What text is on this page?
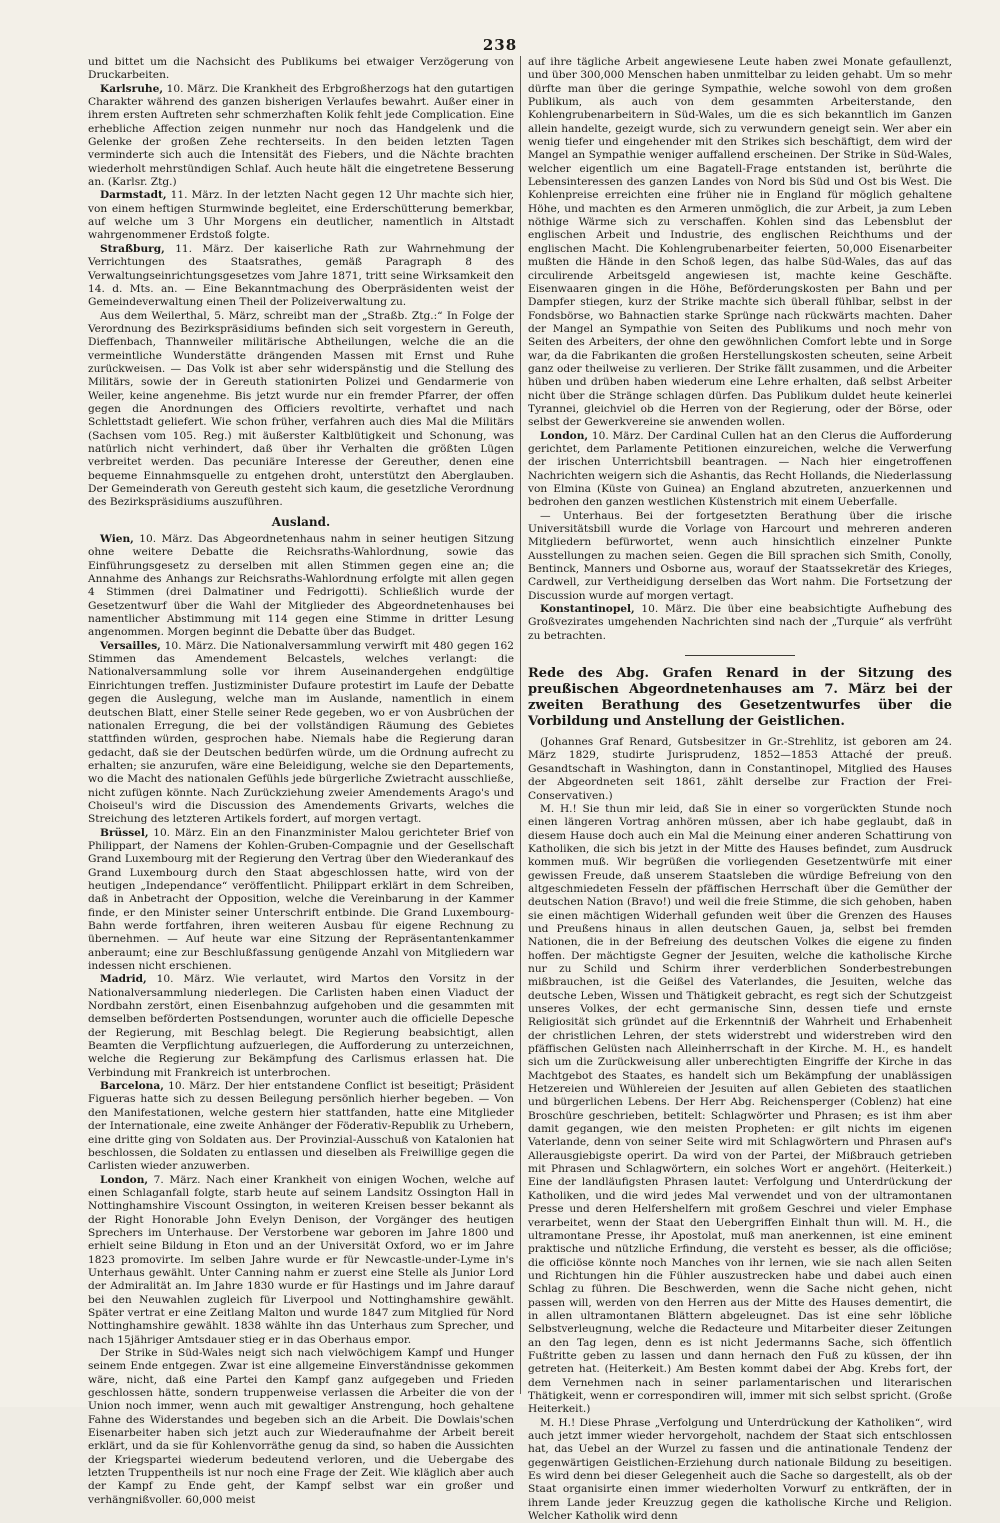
238

und bittet um die Nachsicht des Publikums bei etwaiger Verzögerung von Druckarbeiten.

Karlsruhe, 10. März. Die Krankheit des Erbgroßherzogs hat den gutartigen Charakter während des ganzen bisherigen Verlaufes bewahrt. Außer einer in ihrem ersten Auftreten sehr schmerzhaften Kolik fehlt jede Complication. Eine erhebliche Affection zeigen nunmehr nur noch das Handgelenk und die Gelenke der großen Zehe rechterseits. In den beiden letzten Tagen verminderte sich auch die Intensität des Fiebers, und die Nächte brachten wiederholt mehrstündigen Schlaf. Auch heute hält die eingetretene Besserung an. (Karlsr. Ztg.)

Darmstadt, 11. März. In der letzten Nacht gegen 12 Uhr machte sich hier, von einem heftigen Sturmwinde begleitet, eine Erderschütterung bemerkbar, auf welche um 3 Uhr Morgens ein deutlicher, namentlich in Altstadt wahrgenommener Erdstoß folgte.

Straßburg, 11. März. Der kaiserliche Rath zur Wahrnehmung der Verrichtungen des Staatsrathes, gemäß Paragraph 8 des Verwaltungseinrichtungsgesetzes vom Jahre 1871, tritt seine Wirksamkeit den 14. d. Mts. an. — Eine Bekanntmachung des Oberpräsidenten weist der Gemeindeverwaltung einen Theil der Polizeiverwaltung zu.

Aus dem Weilerthal, 5. März, schreibt man der „Straßb. Ztg.:“ In Folge der Verordnung des Bezirkspräsidiums befinden sich seit vorgestern in Gereuth, Dieffenbach, Thannweiler militärische Abtheilungen, welche die an die vermeintliche Wunderstätte drängenden Massen mit Ernst und Ruhe zurückweisen. — Das Volk ist aber sehr widerspänstig und die Stellung des Militärs, sowie der in Gereuth stationirten Polizei und Gendarmerie von Weiler, keine angenehme. Bis jetzt wurde nur ein fremder Pfarrer, der offen gegen die Anordnungen des Officiers revoltirte, verhaftet und nach Schlettstadt geliefert. Wie schon früher, verfahren auch dies Mal die Militärs (Sachsen vom 105. Reg.) mit äußerster Kaltblütigkeit und Schonung, was natürlich nicht verhindert, daß über ihr Verhalten die größten Lügen verbreitet werden. Das pecuniäre Interesse der Gereuther, denen eine bequeme Einnahmsquelle zu entgehen droht, unterstützt den Aberglauben. Der Gemeinderath von Gereuth gesteht sich kaum, die gesetzliche Verordnung des Bezirkspräsidiums auszuführen.

Ausland.

Wien, 10. März. Das Abgeordnetenhaus nahm in seiner heutigen Sitzung ohne weitere Debatte die Reichsraths-Wahlordnung, sowie das Einführungsgesetz zu derselben mit allen Stimmen gegen eine an; die Annahme des Anhangs zur Reichsraths-Wahlordnung erfolgte mit allen gegen 4 Stimmen (drei Dalmatiner und Fedrigotti). Schließlich wurde der Gesetzentwurf über die Wahl der Mitglieder des Abgeordnetenhauses bei namentlicher Abstimmung mit 114 gegen eine Stimme in dritter Lesung angenommen. Morgen beginnt die Debatte über das Budget.

Versailles, 10. März. Die Nationalversammlung verwirft mit 480 gegen 162 Stimmen das Amendement Belcastels, welches verlangt: die Nationalversammlung solle vor ihrem Auseinandergehen endgültige Einrichtungen treffen. Justizminister Dufaure protestirt im Laufe der Debatte gegen die Auslegung, welche man im Auslande, namentlich in einem deutschen Blatt, einer Stelle seiner Rede gegeben, wo er von Ausbrüchen der nationalen Erregung, die bei der vollständigen Räumung des Gebietes stattfinden würden, gesprochen habe. Niemals habe die Regierung daran gedacht, daß sie der Deutschen bedürfen würde, um die Ordnung aufrecht zu erhalten; sie anzurufen, wäre eine Beleidigung, welche sie den Departements, wo die Macht des nationalen Gefühls jede bürgerliche Zwietracht ausschließe, nicht zufügen könnte. Nach Zurückziehung zweier Amendements Arago's und Choiseul's wird die Discussion des Amendements Grivarts, welches die Streichung des letzteren Artikels fordert, auf morgen vertagt.

Brüssel, 10. März. Ein an den Finanzminister Malou gerichteter Brief von Philippart, der Namens der Kohlen-Gruben-Compagnie und der Gesellschaft Grand Luxembourg mit der Regierung den Vertrag über den Wiederankauf des Grand Luxembourg durch den Staat abgeschlossen hatte, wird von der heutigen „Independance“ veröffentlicht. Philippart erklärt in dem Schreiben, daß in Anbetracht der Opposition, welche die Vereinbarung in der Kammer finde, er den Minister seiner Unterschrift entbinde. Die Grand Luxembourg-Bahn werde fortfahren, ihren weiteren Ausbau für eigene Rechnung zu übernehmen. — Auf heute war eine Sitzung der Repräsentantenkammer anberaumt; eine zur Beschlußfassung genügende Anzahl von Mitgliedern war indessen nicht erschienen.

Madrid, 10. März. Wie verlautet, wird Martos den Vorsitz in der Nationalversammlung niederlegen. Die Carlisten haben einen Viaduct der Nordbahn zerstört, einen Eisenbahnzug aufgehoben und die gesammten mit demselben beförderten Postsendungen, worunter auch die officielle Depesche der Regierung, mit Beschlag belegt. Die Regierung beabsichtigt, allen Beamten die Verpflichtung aufzuerlegen, die Aufforderung zu unterzeichnen, welche die Regierung zur Bekämpfung des Carlismus erlassen hat. Die Verbindung mit Frankreich ist unterbrochen.

Barcelona, 10. März. Der hier entstandene Conflict ist beseitigt; Präsident Figueras hatte sich zu dessen Beilegung persönlich hierher begeben. — Von den Manifestationen, welche gestern hier stattfanden, hatte eine Mitglieder der Internationale, eine zweite Anhänger der Föderativ-Republik zu Urhebern, eine dritte ging von Soldaten aus. Der Provinzial-Ausschuß von Katalonien hat beschlossen, die Soldaten zu entlassen und dieselben als Freiwillige gegen die Carlisten wieder anzuwerben.

London, 7. März. Nach einer Krankheit von einigen Wochen, welche auf einen Schlaganfall folgte, starb heute auf seinem Landsitz Ossington Hall in Nottinghamshire Viscount Ossington, in weiteren Kreisen besser bekannt als der Right Honorable John Evelyn Denison, der Vorgänger des heutigen Sprechers im Unterhause. Der Verstorbene war geboren im Jahre 1800 und erhielt seine Bildung in Eton und an der Universität Oxford, wo er im Jahre 1823 promovirte. Im selben Jahre wurde er für Newcastle-under-Lyme in's Unterhaus gewählt. Unter Canning nahm er zuerst eine Stelle als Junior Lord der Admiralität an. Im Jahre 1830 wurde er für Hastings und im Jahre darauf bei den Neuwahlen zugleich für Liverpool und Nottinghamshire gewählt. Später vertrat er eine Zeitlang Malton und wurde 1847 zum Mitglied für Nord Nottinghamshire gewählt. 1838 wählte ihn das Unterhaus zum Sprecher, und nach 15jähriger Amtsdauer stieg er in das Oberhaus empor.

Der Strike in Süd-Wales neigt sich nach vielwöchigem Kampf und Hunger seinem Ende entgegen. Zwar ist eine allgemeine Einverständnisse gekommen wäre, nicht, daß eine Partei den Kampf ganz aufgegeben und Frieden geschlossen hätte, sondern truppenweise verlassen die Arbeiter die von der Union noch immer, wenn auch mit gewaltiger Anstrengung, hoch gehaltene Fahne des Widerstandes und begeben sich an die Arbeit. Die Dowlais'schen Eisenarbeiter haben sich jetzt auch zur Wiederaufnahme der Arbeit bereit erklärt, und da sie für Kohlenvorräthe genug da sind, so haben die Aussichten der Kriegspartei wiederum bedeutend verloren, und die Uebergabe des letzten Truppentheils ist nur noch eine Frage der Zeit. Wie kläglich aber auch der Kampf zu Ende geht, der Kampf selbst war ein großer und verhängnißvoller. 60,000 meist

auf ihre tägliche Arbeit angewiesene Leute haben zwei Monate gefaullenzt, und über 300,000 Menschen haben unmittelbar zu leiden gehabt. Um so mehr dürfte man über die geringe Sympathie, welche sowohl von dem großen Publikum, als auch von dem gesammten Arbeiterstande, den Kohlengrubenarbeitern in Süd-Wales, um die es sich bekanntlich im Ganzen allein handelte, gezeigt wurde, sich zu verwundern geneigt sein. Wer aber ein wenig tiefer und eingehender mit den Strikes sich beschäftigt, dem wird der Mangel an Sympathie weniger auffallend erscheinen. Der Strike in Süd-Wales, welcher eigentlich um eine Bagatell-Frage entstanden ist, berührte die Lebensinteressen des ganzen Landes von Nord bis Süd und Ost bis West. Die Kohlenpreise erreichten eine früher nie in England für möglich gehaltene Höhe, und machten es den Armeren unmöglich, die zur Arbeit, ja zum Leben nöthige Wärme sich zu verschaffen. Kohlen sind das Lebensblut der englischen Arbeit und Industrie, des englischen Reichthums und der englischen Macht. Die Kohlengrubenarbeiter feierten, 50,000 Eisenarbeiter mußten die Hände in den Schoß legen, das halbe Süd-Wales, das auf das circulirende Arbeitsgeld angewiesen ist, machte keine Geschäfte. Eisenwaaren gingen in die Höhe, Beförderungskosten per Bahn und per Dampfer stiegen, kurz der Strike machte sich überall fühlbar, selbst in der Fondsbörse, wo Bahnactien starke Sprünge nach rückwärts machten. Daher der Mangel an Sympathie von Seiten des Publikums und noch mehr von Seiten des Arbeiters, der ohne den gewöhnlichen Comfort lebte und in Sorge war, da die Fabrikanten die großen Herstellungskosten scheuten, seine Arbeit ganz oder theilweise zu verlieren. Der Strike fällt zusammen, und die Arbeiter hüben und drüben haben wiederum eine Lehre erhalten, daß selbst Arbeiter nicht über die Stränge schlagen dürfen. Das Publikum duldet heute keinerlei Tyrannei, gleichviel ob die Herren von der Regierung, oder der Börse, oder selbst der Gewerkvereine sie anwenden wollen.

London, 10. März. Der Cardinal Cullen hat an den Clerus die Aufforderung gerichtet, dem Parlamente Petitionen einzureichen, welche die Verwerfung der irischen Unterrichtsbill beantragen. — Nach hier eingetroffenen Nachrichten weigern sich die Ashantis, das Recht Hollands, die Niederlassung von Elmina (Küste von Guinea) an England abzutreten, anzuerkennen und bedrohen den ganzen westlichen Küstenstrich mit einem Ueberfalle.

— Unterhaus. Bei der fortgesetzten Berathung über die irische Universitätsbill wurde die Vorlage von Harcourt und mehreren anderen Mitgliedern befürwortet, wenn auch hinsichtlich einzelner Punkte Ausstellungen zu machen seien. Gegen die Bill sprachen sich Smith, Conolly, Bentinck, Manners und Osborne aus, worauf der Staatssekretär des Krieges, Cardwell, zur Vertheidigung derselben das Wort nahm. Die Fortsetzung der Discussion wurde auf morgen vertagt.

Konstantinopel, 10. März. Die über eine beabsichtigte Aufhebung des Großvezirates umgehenden Nachrichten sind nach der „Turquie“ als verfrüht zu betrachten.

Rede des Abg. Grafen Renard in der Sitzung des preußischen Abgeordnetenhauses am 7. März bei der zweiten Berathung des Gesetzentwurfes über die Vorbildung und Anstellung der Geistlichen.

(Johannes Graf Renard, Gutsbesitzer in Gr.-Strehlitz, ist geboren am 24. März 1829, studirte Jurisprudenz, 1852—1853 Attaché der preuß. Gesandtschaft in Washington, dann in Constantinopel, Mitglied des Hauses der Abgeordneten seit 1861, zählt derselbe zur Fraction der Frei-Conservativen.)

M. H.! Sie thun mir leid, daß Sie in einer so vorgerückten Stunde noch einen längeren Vortrag anhören müssen, aber ich habe geglaubt, daß in diesem Hause doch auch ein Mal die Meinung einer anderen Schattirung von Katholiken, die sich bis jetzt in der Mitte des Hauses befindet, zum Ausdruck kommen muß. Wir begrüßen die vorliegenden Gesetzentwürfe mit einer gewissen Freude, daß unserem Staatsleben die würdige Befreiung von den altgeschmiedeten Fesseln der pfäffischen Herrschaft über die Gemüther der deutschen Nation (Bravo!) und weil die freie Stimme, die sich gehoben, haben sie einen mächtigen Widerhall gefunden weit über die Grenzen des Hauses und Preußens hinaus in allen deutschen Gauen, ja, selbst bei fremden Nationen, die in der Befreiung des deutschen Volkes die eigene zu finden hoffen. Der mächtigste Gegner der Jesuiten, welche die katholische Kirche nur zu Schild und Schirm ihrer verderblichen Sonderbestrebungen mißbrauchen, ist die Geißel des Vaterlandes, die Jesuiten, welche das deutsche Leben, Wissen und Thätigkeit gebracht, es regt sich der Schutzgeist unseres Volkes, der echt germanische Sinn, dessen tiefe und ernste Religiosität sich gründet auf die Erkenntniß der Wahrheit und Erhabenheit der christlichen Lehren, der stets widerstrebt und widerstreben wird den pfäffischen Gelüsten nach Alleinherrschaft in der Kirche. M. H., es handelt sich um die Zurückweisung aller unberechtigten Eingriffe der Kirche in das Machtgebot des Staates, es handelt sich um Bekämpfung der unablässigen Hetzereien und Wühlereien der Jesuiten auf allen Gebieten des staatlichen und bürgerlichen Lebens. Der Herr Abg. Reichensperger (Coblenz) hat eine Broschüre geschrieben, betitelt: Schlagwörter und Phrasen; es ist ihm aber damit gegangen, wie den meisten Propheten: er gilt nichts im eigenen Vaterlande, denn von seiner Seite wird mit Schlagwörtern und Phrasen auf's Allerausgiebigste operirt. Da wird von der Partei, der Mißbrauch getrieben mit Phrasen und Schlagwörtern, ein solches Wort er angehört. (Heiterkeit.) Eine der landläufigsten Phrasen lautet: Verfolgung und Unterdrückung der Katholiken, und die wird jedes Mal verwendet und von der ultramontanen Presse und deren Helfershelfern mit großem Geschrei und vieler Emphase verarbeitet, wenn der Staat den Uebergriffen Einhalt thun will. M. H., die ultramontane Presse, ihr Apostolat, muß man anerkennen, ist eine eminent praktische und nützliche Erfindung, die versteht es besser, als die officiöse; die officiöse könnte noch Manches von ihr lernen, wie sie nach allen Seiten und Richtungen hin die Fühler auszustrecken habe und dabei auch einen Schlag zu führen. Die Beschwerden, wenn die Sache nicht gehen, nicht passen will, werden von den Herren aus der Mitte des Hauses dementirt, die in allen ultramontanen Blättern abgeleugnet. Das ist eine sehr löbliche Selbstverleugnung, welche die Redacteure und Mitarbeiter dieser Zeitungen an den Tag legen, denn es ist nicht Jedermanns Sache, sich öffentlich Fußtritte geben zu lassen und dann hernach den Fuß zu küssen, der ihn getreten hat. (Heiterkeit.) Am Besten kommt dabei der Abg. Krebs fort, der dem Vernehmen nach in seiner parlamentarischen und literarischen Thätigkeit, wenn er correspondiren will, immer mit sich selbst spricht. (Große Heiterkeit.)

M. H.! Diese Phrase „Verfolgung und Unterdrückung der Katholiken“, wird auch jetzt immer wieder hervorgeholt, nachdem der Staat sich entschlossen hat, das Uebel an der Wurzel zu fassen und die antinationale Tendenz der gegenwärtigen Geistlichen-Erziehung durch nationale Bildung zu beseitigen. Es wird denn bei dieser Gelegenheit auch die Sache so dargestellt, als ob der Staat organisirte einen immer wiederholten Vorwurf zu entkräften, der in ihrem Lande jeder Kreuzzug gegen die katholische Kirche und Religion. Welcher Katholik wird denn
